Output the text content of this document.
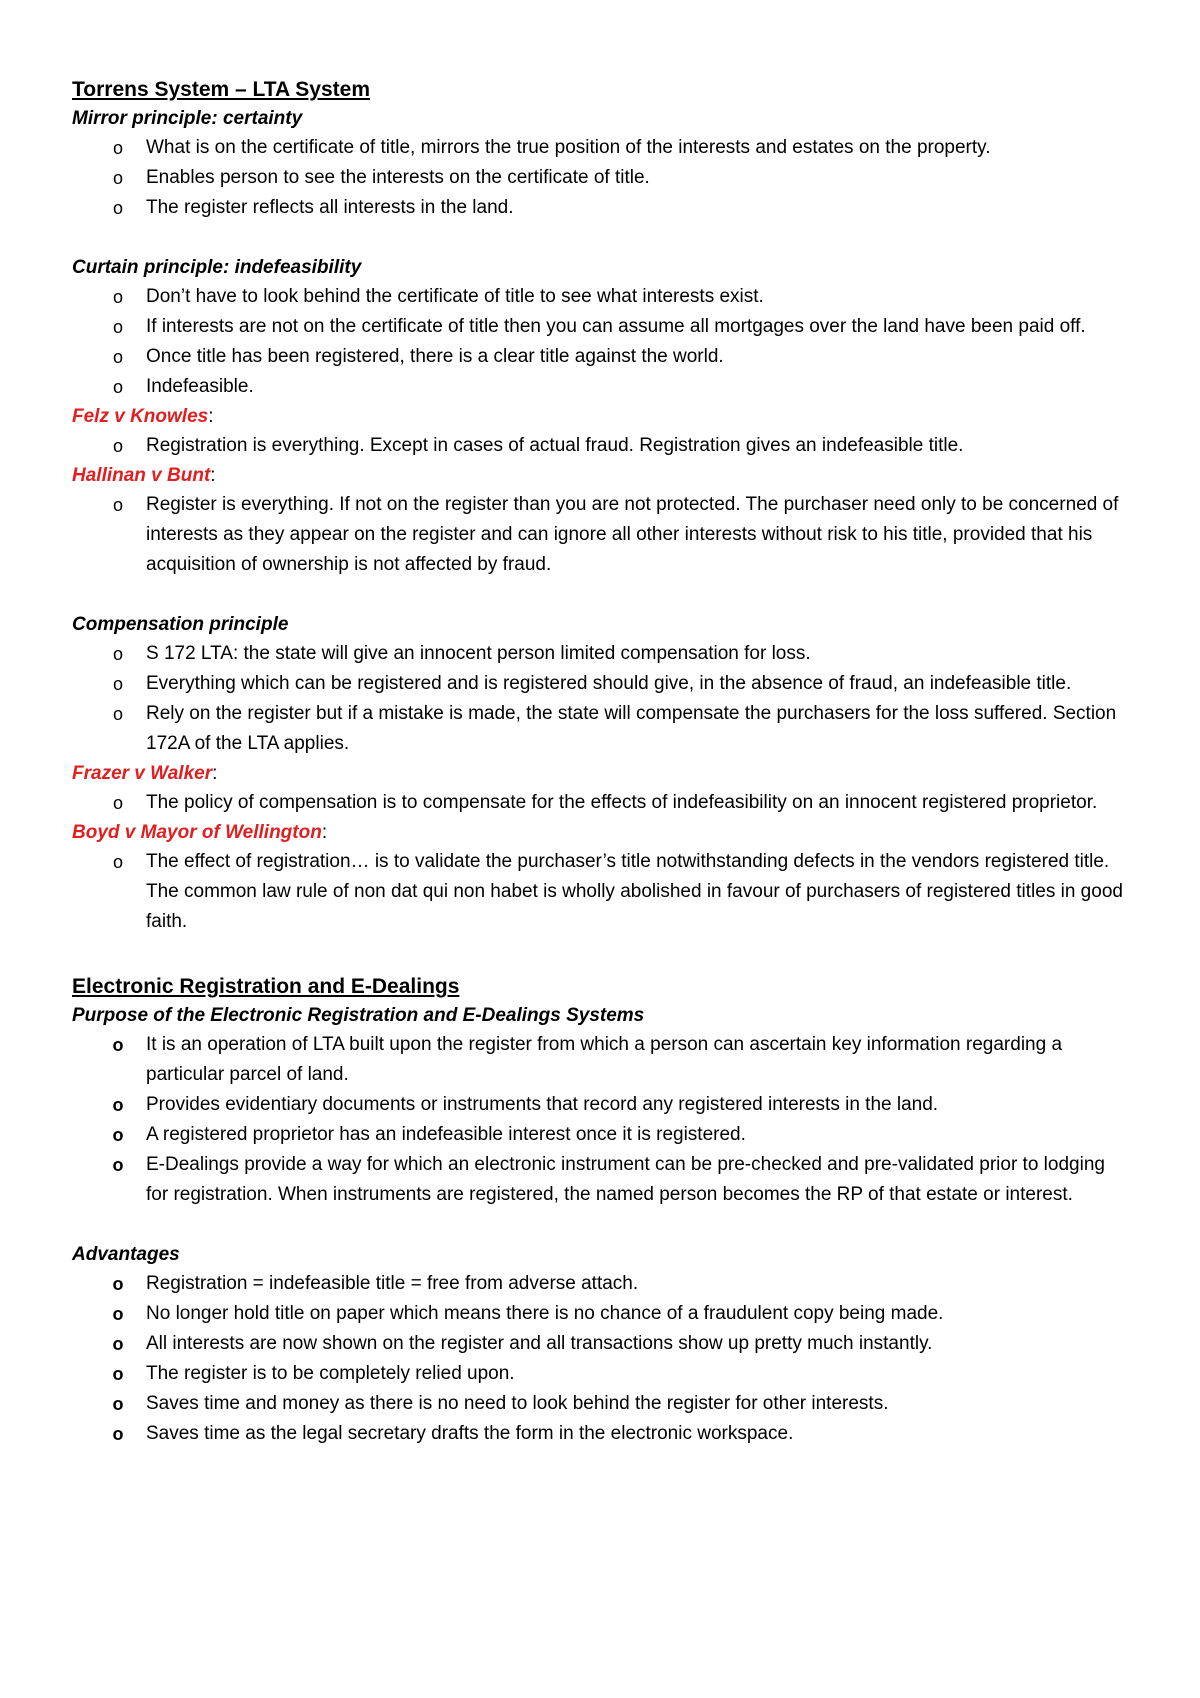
Torrens System – LTA System
Mirror principle: certainty
o What is on the certificate of title, mirrors the true position of the interests and estates on the property.
o Enables person to see the interests on the certificate of title.
o The register reflects all interests in the land.
Curtain principle: indefeasibility
o Don’t have to look behind the certificate of title to see what interests exist.
o If interests are not on the certificate of title then you can assume all mortgages over the land have been paid off.
o Once title has been registered, there is a clear title against the world.
o Indefeasible.
Felz v Knowles:
o Registration is everything. Except in cases of actual fraud. Registration gives an indefeasible title.
Hallinan v Bunt:
o Register is everything. If not on the register than you are not protected. The purchaser need only to be concerned of interests as they appear on the register and can ignore all other interests without risk to his title, provided that his acquisition of ownership is not affected by fraud.
Compensation principle
o S 172 LTA: the state will give an innocent person limited compensation for loss.
o Everything which can be registered and is registered should give, in the absence of fraud, an indefeasible title.
o Rely on the register but if a mistake is made, the state will compensate the purchasers for the loss suffered. Section 172A of the LTA applies.
Frazer v Walker:
o The policy of compensation is to compensate for the effects of indefeasibility on an innocent registered proprietor.
Boyd v Mayor of Wellington:
o The effect of registration… is to validate the purchaser’s title notwithstanding defects in the vendors registered title. The common law rule of non dat qui non habet is wholly abolished in favour of purchasers of registered titles in good faith.
Electronic Registration and E-Dealings
Purpose of the Electronic Registration and E-Dealings Systems
o It is an operation of LTA built upon the register from which a person can ascertain key information regarding a particular parcel of land.
o Provides evidentiary documents or instruments that record any registered interests in the land.
o A registered proprietor has an indefeasible interest once it is registered.
o E-Dealings provide a way for which an electronic instrument can be pre-checked and pre-validated prior to lodging for registration. When instruments are registered, the named person becomes the RP of that estate or interest.
Advantages
o Registration = indefeasible title = free from adverse attach.
o No longer hold title on paper which means there is no chance of a fraudulent copy being made.
o All interests are now shown on the register and all transactions show up pretty much instantly.
o The register is to be completely relied upon.
o Saves time and money as there is no need to look behind the register for other interests.
o Saves time as the legal secretary drafts the form in the electronic workspace.
